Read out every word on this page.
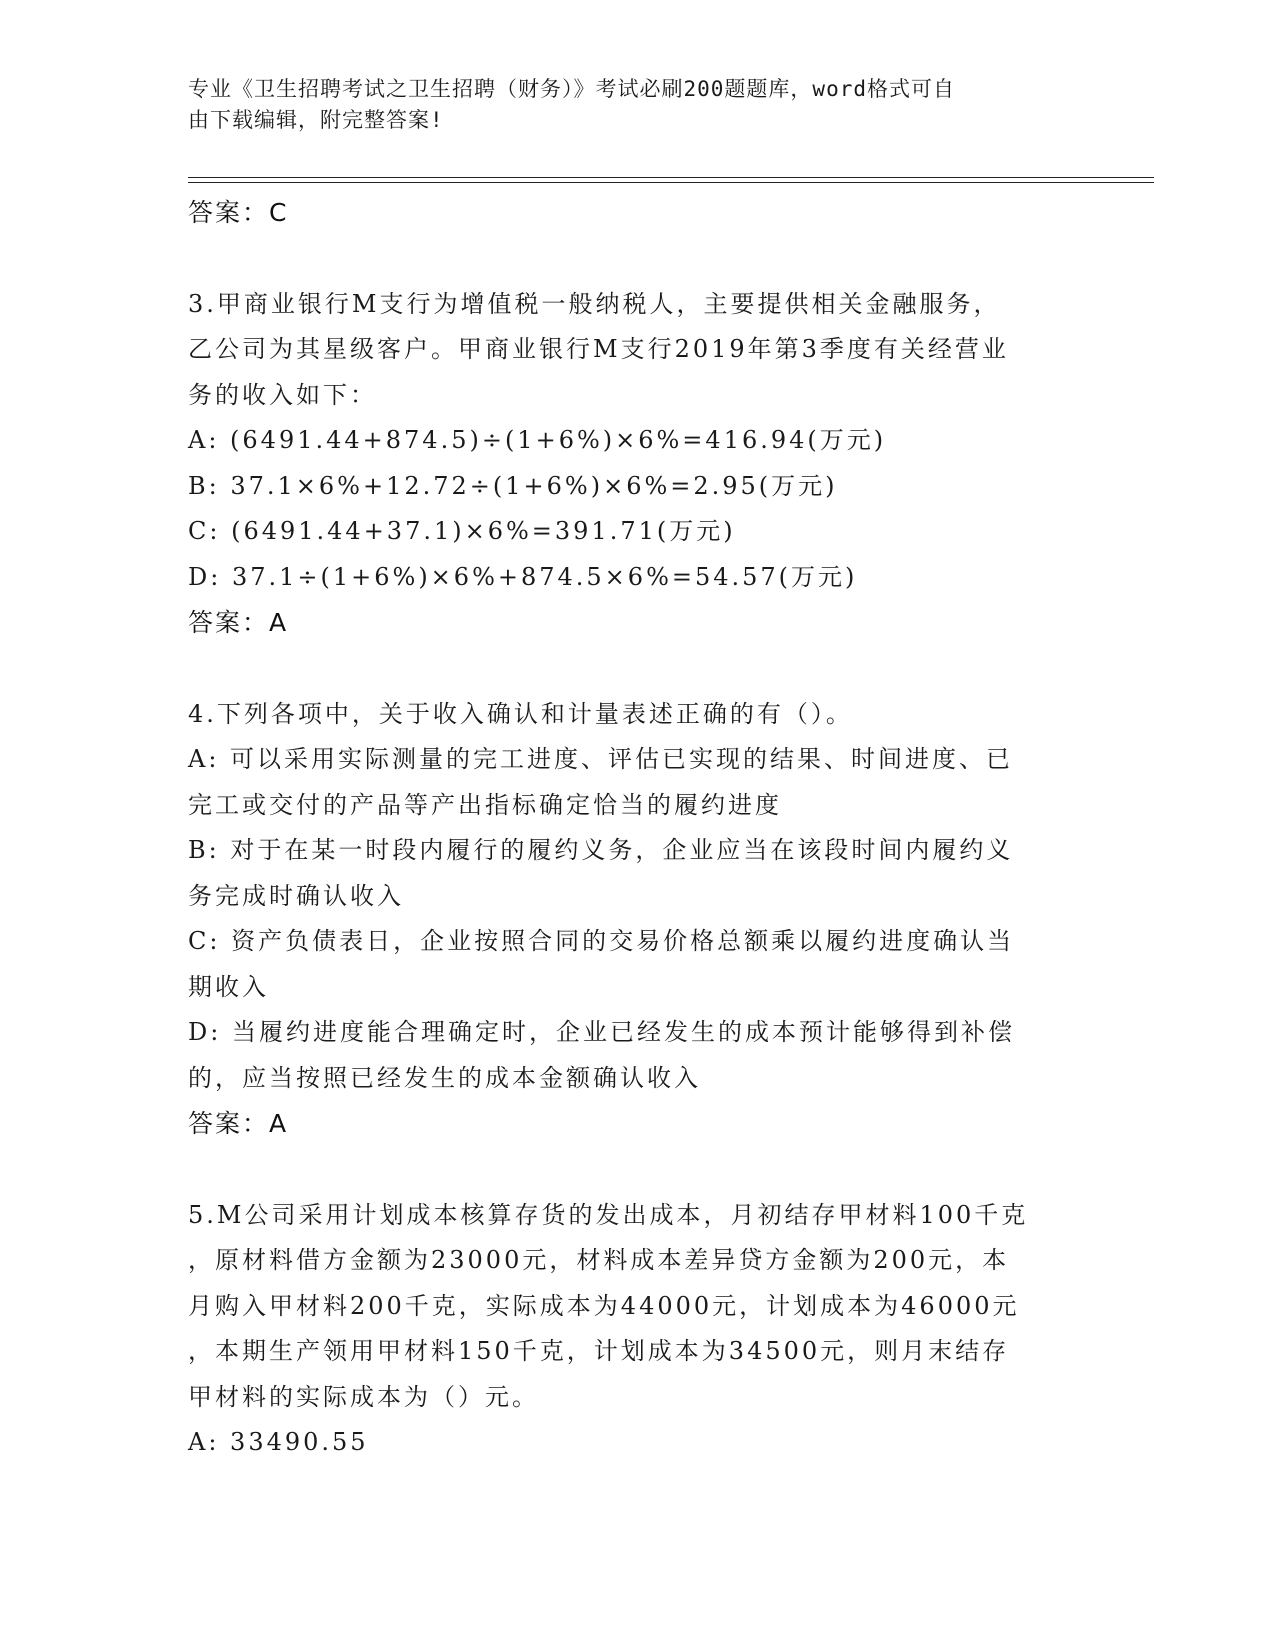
专业《卫生招聘考试之卫生招聘（财务）》考试必刷200题题库，word格式可自
由下载编辑，附完整答案!
答案：C
3.甲商业银行M支行为增值税一般纳税人，主要提供相关金融服务，
乙公司为其星级客户。甲商业银行M支行2019年第3季度有关经营业
务的收入如下：
A: (6491.44+874.5)÷(1+6%)×6%=416.94(万元)
B: 37.1×6%+12.72÷(1+6%)×6%=2.95(万元)
C: (6491.44+37.1)×6%=391.71(万元)
D: 37.1÷(1+6%)×6%+874.5×6%=54.57(万元)
答案：A
4.下列各项中，关于收入确认和计量表述正确的有（）。
A: 可以采用实际测量的完工进度、评估已实现的结果、时间进度、已
完工或交付的产品等产出指标确定恰当的履约进度
B: 对于在某一时段内履行的履约义务，企业应当在该段时间内履约义
务完成时确认收入
C: 资产负债表日，企业按照合同的交易价格总额乘以履约进度确认当
期收入
D: 当履约进度能合理确定时，企业已经发生的成本预计能够得到补偿
的，应当按照已经发生的成本金额确认收入
答案：A
5.M公司采用计划成本核算存货的发出成本，月初结存甲材料100千克
，原材料借方金额为23000元，材料成本差异贷方金额为200元，本
月购入甲材料200千克，实际成本为44000元，计划成本为46000元
，本期生产领用甲材料150千克，计划成本为34500元，则月末结存
甲材料的实际成本为（）元。
A: 33490.55
